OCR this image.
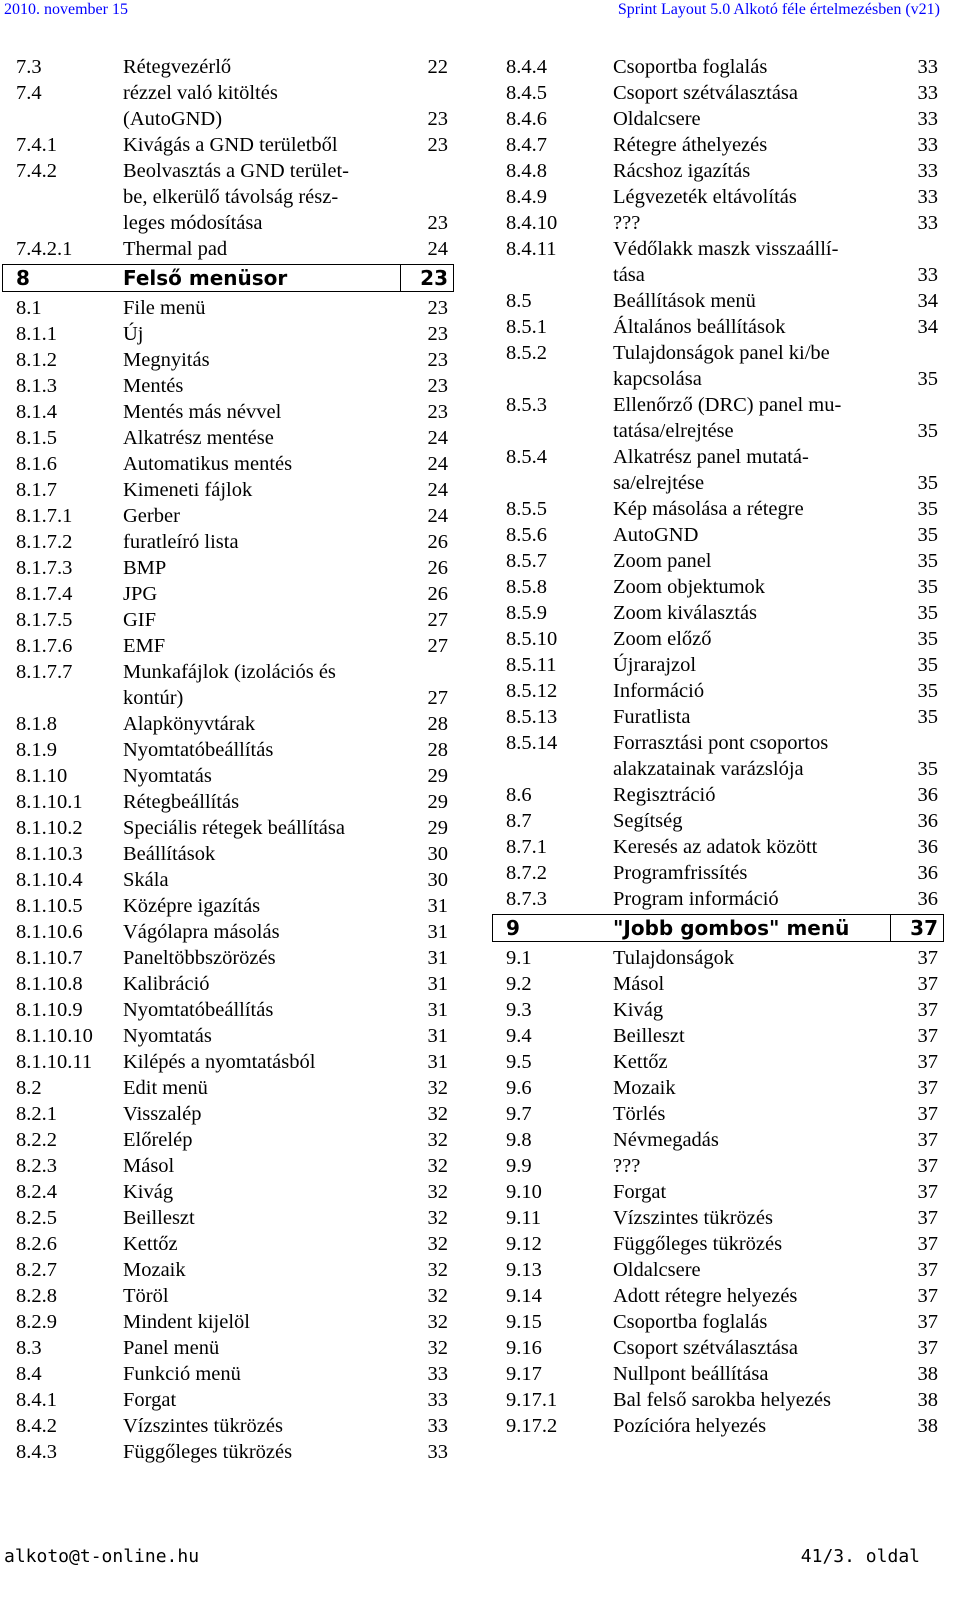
2010. november 15	Sprint Layout 5.0 Alkotó féle értelmezésben (v21)
7.3	Rétegvezérlő	22
7.4	rézzel való kitöltés
(AutoGND)	23
7.4.1	Kivágás a GND területből	23
7.4.2	Beolvasztás a GND terület-
be, elkerülő távolság rész-
leges módosítása	23
7.4.2.1 Thermal pad	24
8	Felső menüsor	23
8.1	File menü	23
8.1.1	Új	23
8.1.2	Megnyitás	23
8.1.3	Mentés	23
8.1.4	Mentés más névvel	23
8.1.5	Alkatrész mentése	24
8.1.6	Automatikus mentés	24
8.1.7	Kimeneti fájlok	24
8.1.7.1 Gerber	24
8.1.7.2 furatleíró lista	26
8.1.7.3 BMP	26
8.1.7.4 JPG	26
8.1.7.5 GIF	27
8.1.7.6 EMF	27
8.1.7.7 Munkafájlok (izolációs és
kontúr)	27
8.1.8	Alapkönyvtárak	28
8.1.9	Nyomtatóbeállítás	28
8.1.10	Nyomtatás	29
8.1.10.1 Rétegbeállítás	29
8.1.10.2 Speciális rétegek beállítása	29
8.1.10.3 Beállítások	30
8.1.10.4 Skála	30
8.1.10.5 Középre igazítás	31
8.1.10.6 Vágólapra másolás	31
8.1.10.7 Paneltöbbszörözés	31
8.1.10.8 Kalibráció	31
8.1.10.9 Nyomtatóbeállítás	31
8.1.10.10 Nyomtatás	31
8.1.10.11 Kilépés a nyomtatásból	31
8.2	Edit menü	32
8.2.1	Visszalép	32
8.2.2	Előrelép	32
8.2.3	Másol	32
8.2.4	Kivág	32
8.2.5	Beilleszt	32
8.2.6	Kettőz	32
8.2.7	Mozaik	32
8.2.8	Töröl	32
8.2.9	Mindent kijelöl	32
8.3	Panel menü	32
8.4	Funkció menü	33
8.4.1	Forgat	33
8.4.2	Vízszintes tükrözés	33
8.4.3	Függőleges tükrözés	33
8.4.4	Csoportba foglalás	33
8.4.5	Csoport szétválasztása	33
8.4.6	Oldalcsere	33
8.4.7	Rétegre áthelyezés	33
8.4.8	Rácshoz igazítás	33
8.4.9	Légvezeték eltávolítás	33
8.4.10	???	33
8.4.11	Védőlakk maszk visszaállí-
tása	33
8.5	Beállítások menü	34
8.5.1	Általános beállítások	34
8.5.2	Tulajdonságok panel ki/be
kapcsolása	35
8.5.3	Ellenőrző (DRC) panel mu-
tatása/elrejtése	35
8.5.4	Alkatrész panel mutatá-
sa/elrejtése	35
8.5.5	Kép másolása a rétegre	35
8.5.6	AutoGND	35
8.5.7	Zoom panel	35
8.5.8	Zoom objektumok	35
8.5.9	Zoom kiválasztás	35
8.5.10	Zoom előző	35
8.5.11	Újrarajzol	35
8.5.12	Információ	35
8.5.13	Furatlista	35
8.5.14	Forrasztási pont csoportos
alakzatainak varázslója	35
8.6	Regisztráció	36
8.7	Segítség	36
8.7.1	Keresés az adatok között	36
8.7.2	Programfrissítés	36
8.7.3	Program információ	36
9	"Jobb gombos" menü	37
9.1	Tulajdonságok	37
9.2	Másol	37
9.3	Kivág	37
9.4	Beilleszt	37
9.5	Kettőz	37
9.6	Mozaik	37
9.7	Törlés	37
9.8	Névmegadás	37
9.9	???	37
9.10	Forgat	37
9.11	Vízszintes tükrözés	37
9.12	Függőleges tükrözés	37
9.13	Oldalcsere	37
9.14	Adott rétegre helyezés	37
9.15	Csoportba foglalás	37
9.16	Csoport szétválasztása	37
9.17	Nullpont beállítása	38
9.17.1	Bal felső sarokba helyezés	38
9.17.2	Pozícióra helyezés	38
alkoto@t-online.hu	41/3. oldal
